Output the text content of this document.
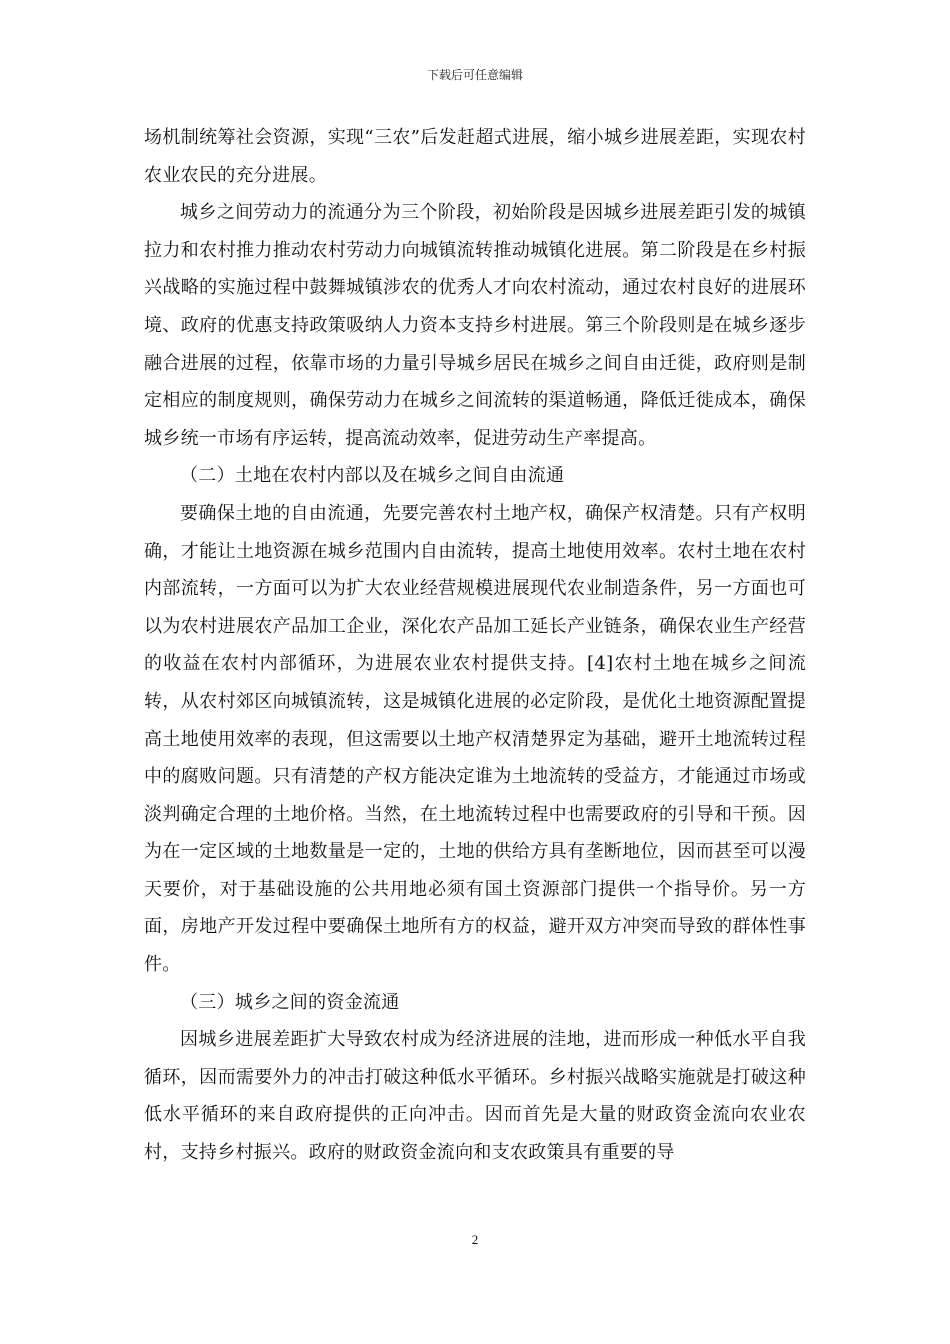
下载后可任意编辑

场机制统筹社会资源，实现“三农”后发赶超式进展，缩小城乡进展差距，实现农村农业农民的充分进展。

城乡之间劳动力的流通分为三个阶段，初始阶段是因城乡进展差距引发的城镇拉力和农村推力推动农村劳动力向城镇流转推动城镇化进展。第二阶段是在乡村振兴战略的实施过程中鼓舞城镇涉农的优秀人才向农村流动，通过农村良好的进展环境、政府的优惠支持政策吸纳人力资本支持乡村进展。第三个阶段则是在城乡逐步融合进展的过程，依靠市场的力量引导城乡居民在城乡之间自由迁徙，政府则是制定相应的制度规则，确保劳动力在城乡之间流转的渠道畅通，降低迁徙成本，确保城乡统一市场有序运转，提高流动效率，促进劳动生产率提高。

（二）土地在农村内部以及在城乡之间自由流通

要确保土地的自由流通，先要完善农村土地产权，确保产权清楚。只有产权明确，才能让土地资源在城乡范围内自由流转，提高土地使用效率。农村土地在农村内部流转，一方面可以为扩大农业经营规模进展现代农业制造条件，另一方面也可以为农村进展农产品加工企业，深化农产品加工延长产业链条，确保农业生产经营的收益在农村内部循环，为进展农业农村提供支持。[4]农村土地在城乡之间流转，从农村郊区向城镇流转，这是城镇化进展的必定阶段，是优化土地资源配置提高土地使用效率的表现，但这需要以土地产权清楚界定为基础，避开土地流转过程中的腐败问题。只有清楚的产权方能决定谁为土地流转的受益方，才能通过市场或淡判确定合理的土地价格。当然，在土地流转过程中也需要政府的引导和干预。因为在一定区域的土地数量是一定的，土地的供给方具有垄断地位，因而甚至可以漫天要价，对于基础设施的公共用地必须有国土资源部门提供一个指导价。另一方面，房地产开发过程中要确保土地所有方的权益，避开双方冲突而导致的群体性事件。

（三）城乡之间的资金流通

因城乡进展差距扩大导致农村成为经济进展的洼地，进而形成一种低水平自我循环，因而需要外力的冲击打破这种低水平循环。乡村振兴战略实施就是打破这种低水平循环的来自政府提供的正向冲击。因而首先是大量的财政资金流向农业农村，支持乡村振兴。政府的财政资金流向和支农政策具有重要的导

2
